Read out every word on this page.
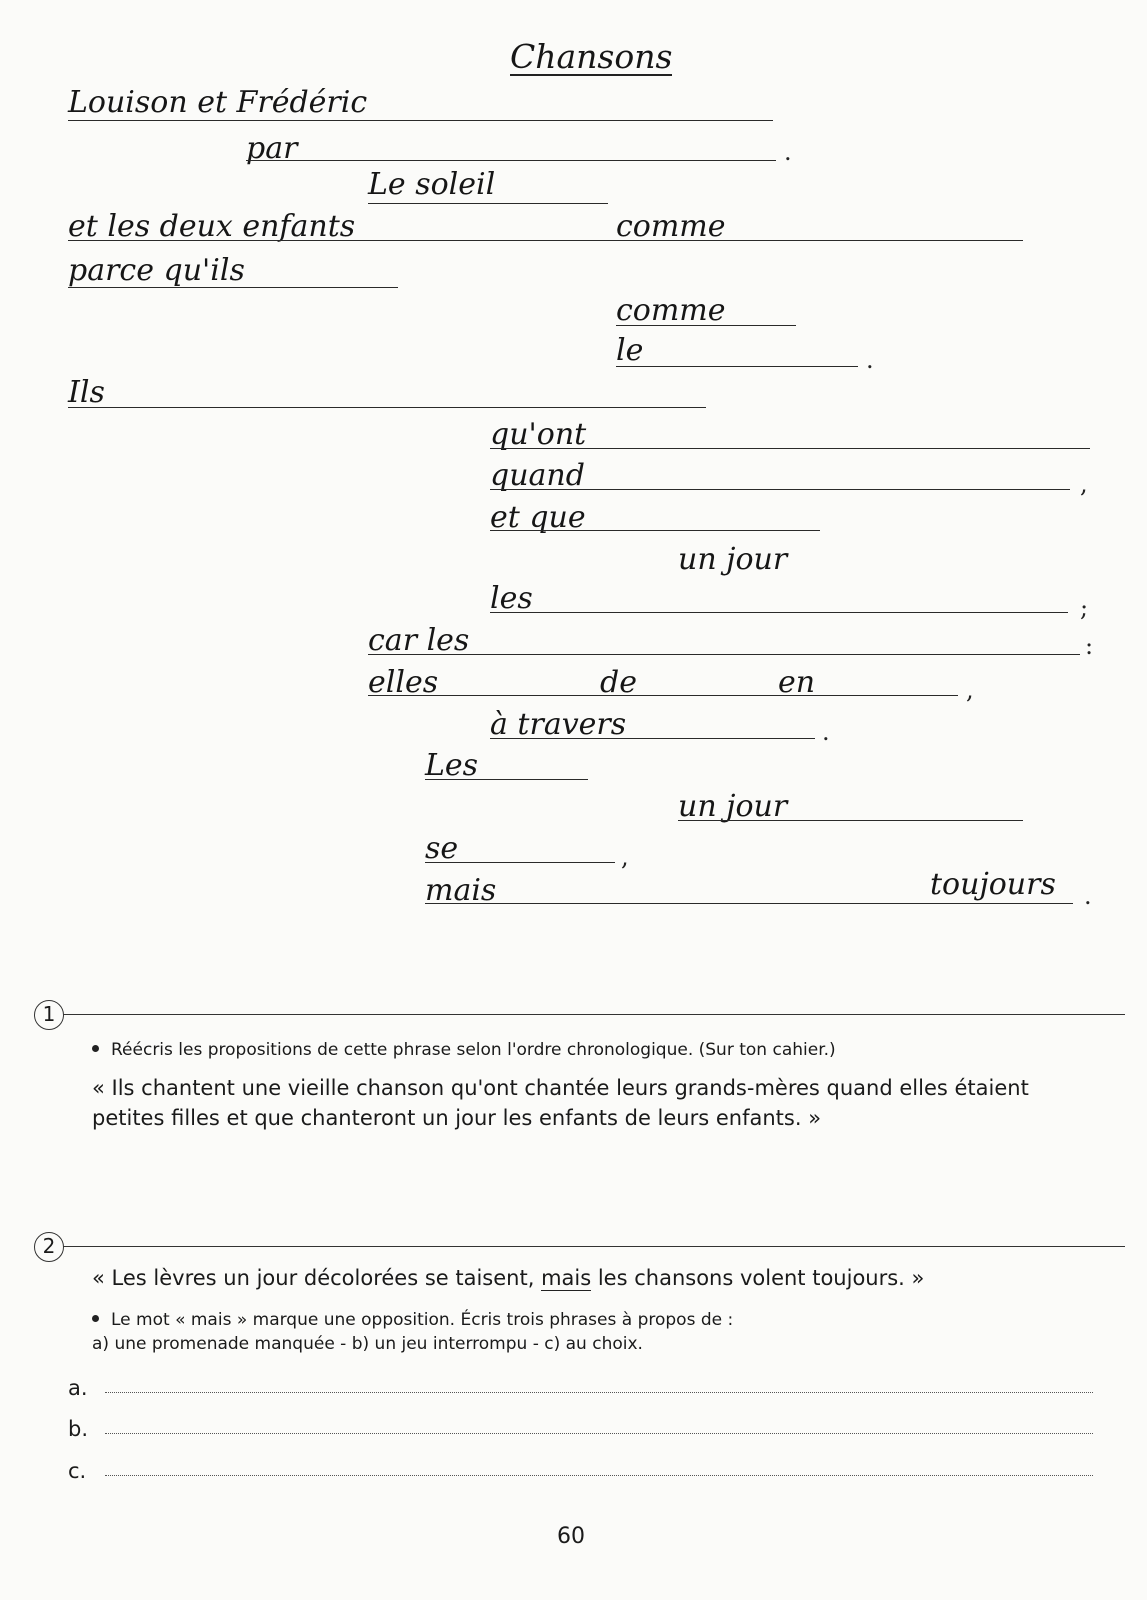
Chansons
Louison et Frédéric
par	.
Le soleil
et les deux enfants	comme
parce qu'ils
comme
le	.
Ils
qu'ont
quand	,
et que
un jour
les	;
car les	:
elles	de	en	,
à travers	.
Les
un jour
se	,
mais	toujours .
1
Réécris les propositions de cette phrase selon l'ordre chronologique. (Sur ton cahier.)
« Ils chantent une vieille chanson qu'ont chantée leurs grands-mères quand elles étaient
petites filles et que chanteront un jour les enfants de leurs enfants. »
2
« Les lèvres un jour décolorées se taisent, mais les chansons volent toujours. »
Le mot « mais » marque une opposition. Écris trois phrases à propos de :
a) une promenade manquée - b) un jeu interrompu - c) au choix.
a.
b.
c.
60
